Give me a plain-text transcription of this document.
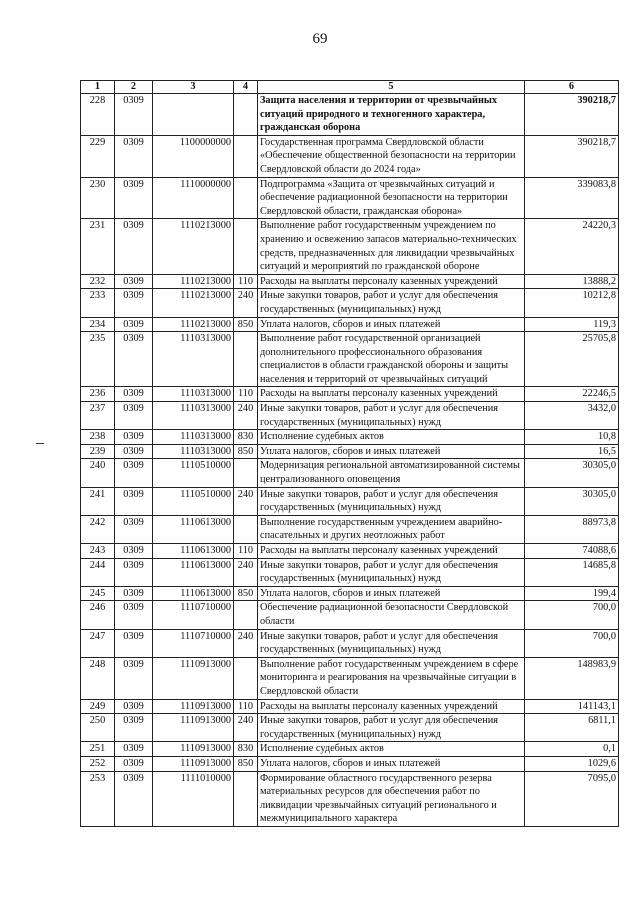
69
1	2	3	4	5	6
228	0309			Защита населения и территории от чрезвычайных ситуаций природного и техногенного характера, гражданская оборона	390218,7
229	0309	1100000000		Государственная программа Свердловской области «Обеспечение общественной безопасности на территории Свердловской области до 2024 года»	390218,7
230	0309	1110000000		Подпрограмма «Защита от чрезвычайных ситуаций и обеспечение радиационной безопасности на территории Свердловской области, гражданская оборона»	339083,8
231	0309	1110213000		Выполнение работ государственным учреждением по хранению и освежению запасов материально-технических средств, предназначенных для ликвидации чрезвычайных ситуаций и мероприятий по гражданской обороне	24220,3
232	0309	1110213000	110	Расходы на выплаты персоналу казенных учреждений	13888,2
233	0309	1110213000	240	Иные закупки товаров, работ и услуг для обеспечения государственных (муниципальных) нужд	10212,8
234	0309	1110213000	850	Уплата налогов, сборов и иных платежей	119,3
235	0309	1110313000		Выполнение работ государственной организацией дополнительного профессионального образования специалистов в области гражданской обороны и защиты населения и территорий от чрезвычайных ситуаций	25705,8
236	0309	1110313000	110	Расходы на выплаты персоналу казенных учреждений	22246,5
237	0309	1110313000	240	Иные закупки товаров, работ и услуг для обеспечения государственных (муниципальных) нужд	3432,0
238	0309	1110313000	830	Исполнение судебных актов	10,8
239	0309	1110313000	850	Уплата налогов, сборов и иных платежей	16,5
240	0309	1110510000		Модернизация региональной автоматизированной системы централизованного оповещения	30305,0
241	0309	1110510000	240	Иные закупки товаров, работ и услуг для обеспечения государственных (муниципальных) нужд	30305,0
242	0309	1110613000		Выполнение государственным учреждением аварийно-спасательных и других неотложных работ	88973,8
243	0309	1110613000	110	Расходы на выплаты персоналу казенных учреждений	74088,6
244	0309	1110613000	240	Иные закупки товаров, работ и услуг для обеспечения государственных (муниципальных) нужд	14685,8
245	0309	1110613000	850	Уплата налогов, сборов и иных платежей	199,4
246	0309	1110710000		Обеспечение радиационной безопасности Свердловской области	700,0
247	0309	1110710000	240	Иные закупки товаров, работ и услуг для обеспечения государственных (муниципальных) нужд	700,0
248	0309	1110913000		Выполнение работ государственным учреждением в сфере мониторинга и реагирования на чрезвычайные ситуации в Свердловской области	148983,9
249	0309	1110913000	110	Расходы на выплаты персоналу казенных учреждений	141143,1
250	0309	1110913000	240	Иные закупки товаров, работ и услуг для обеспечения государственных (муниципальных) нужд	6811,1
251	0309	1110913000	830	Исполнение судебных актов	0,1
252	0309	1110913000	850	Уплата налогов, сборов и иных платежей	1029,6
253	0309	1111010000		Формирование областного государственного резерва материальных ресурсов для обеспечения работ по ликвидации чрезвычайных ситуаций регионального и межмуниципального характера	7095,0
